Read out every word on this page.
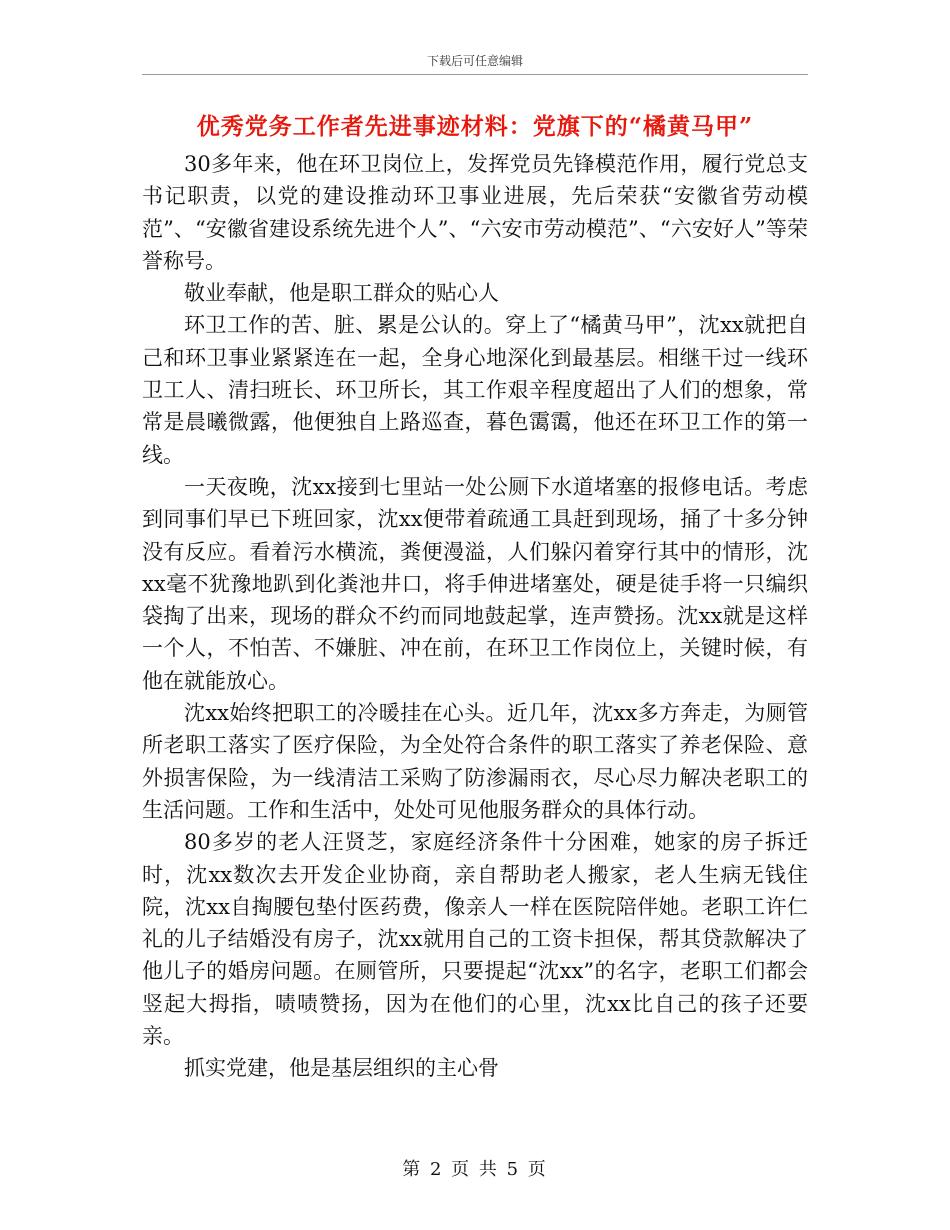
下载后可任意编辑
优秀党务工作者先进事迹材料：党旗下的“橘黄马甲”

30多年来，他在环卫岗位上，发挥党员先锋模范作用，履行党总支书记职责，以党的建设推动环卫事业进展，先后荣获“安徽省劳动模范”、“安徽省建设系统先进个人”、“六安市劳动模范”、“六安好人”等荣誉称号。

敬业奉献，他是职工群众的贴心人

环卫工作的苦、脏、累是公认的。穿上了“橘黄马甲”，沈xx就把自己和环卫事业紧紧连在一起，全身心地深化到最基层。相继干过一线环卫工人、清扫班长、环卫所长，其工作艰辛程度超出了人们的想象，常常是晨曦微露，他便独自上路巡查，暮色霭霭，他还在环卫工作的第一线。

一天夜晚，沈xx接到七里站一处公厕下水道堵塞的报修电话。考虑到同事们早已下班回家，沈xx便带着疏通工具赶到现场，捅了十多分钟没有反应。看着污水横流，粪便漫溢，人们躲闪着穿行其中的情形，沈xx毫不犹豫地趴到化粪池井口，将手伸进堵塞处，硬是徒手将一只编织袋掏了出来，现场的群众不约而同地鼓起掌，连声赞扬。沈xx就是这样一个人，不怕苦、不嫌脏、冲在前，在环卫工作岗位上，关键时候，有他在就能放心。

沈xx始终把职工的冷暖挂在心头。近几年，沈xx多方奔走，为厕管所老职工落实了医疗保险，为全处符合条件的职工落实了养老保险、意外损害保险，为一线清洁工采购了防渗漏雨衣，尽心尽力解决老职工的生活问题。工作和生活中，处处可见他服务群众的具体行动。

80多岁的老人汪贤芝，家庭经济条件十分困难，她家的房子拆迁时，沈xx数次去开发企业协商，亲自帮助老人搬家，老人生病无钱住院，沈xx自掏腰包垫付医药费，像亲人一样在医院陪伴她。老职工许仁礼的儿子结婚没有房子，沈xx就用自己的工资卡担保，帮其贷款解决了他儿子的婚房问题。在厕管所，只要提起“沈xx”的名字，老职工们都会竖起大拇指，啧啧赞扬，因为在他们的心里，沈xx比自己的孩子还要亲。

抓实党建，他是基层组织的主心骨

第 2 页 共 5 页
